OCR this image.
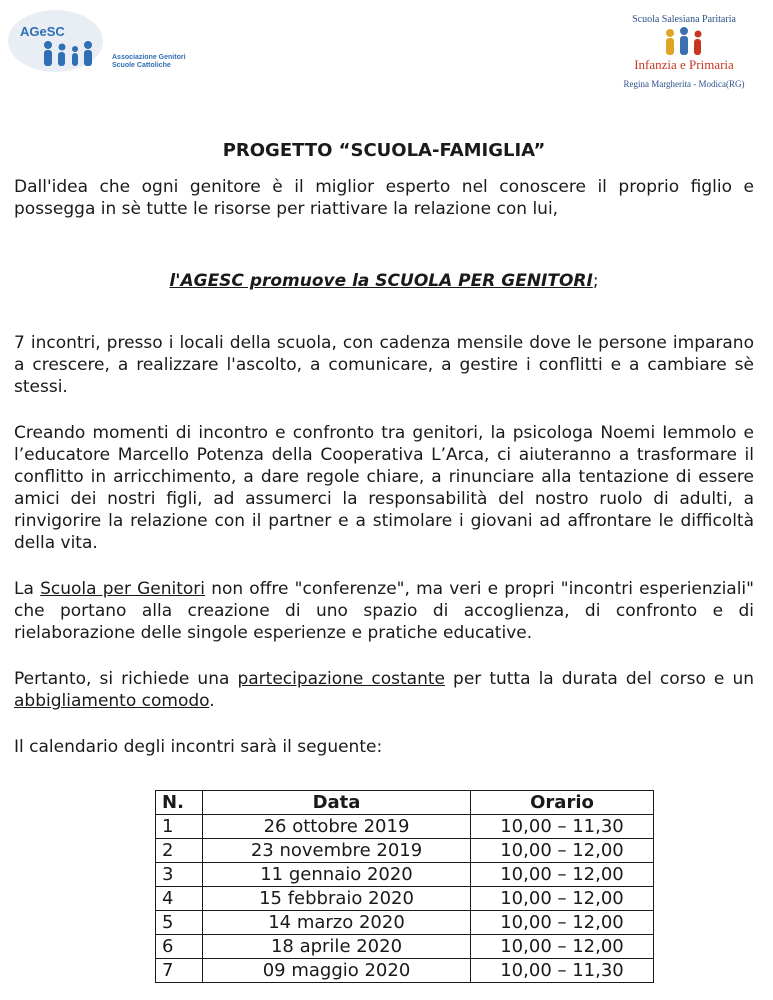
AGeSC
Associazione Genitori
Scuole Cattoliche
Scuola Salesiana Paritaria
Infanzia e Primaria
Regina Margherita - Modica(RG)
PROGETTO “SCUOLA-FAMIGLIA”

Dall'idea che ogni genitore è il miglior esperto nel conoscere il proprio figlio e possegga in sè tutte le risorse per riattivare la relazione con lui,

l'AGESC promuove la SCUOLA PER GENITORI;

7 incontri, presso i locali della scuola, con cadenza mensile dove le persone imparano a crescere, a realizzare l'ascolto, a comunicare, a gestire i conflitti e a cambiare sè stessi.

Creando momenti di incontro e confronto tra genitori, la psicologa Noemi Iemmolo e l’educatore Marcello Potenza della Cooperativa L’Arca, ci aiuteranno a trasformare il conflitto in arricchimento, a dare regole chiare, a rinunciare alla tentazione di essere amici dei nostri figli, ad assumerci la responsabilità del nostro ruolo di adulti, a rinvigorire la relazione con il partner e a stimolare i giovani ad affrontare le difficoltà della vita.

La Scuola per Genitori non offre "conferenze", ma veri e propri "incontri esperienziali" che portano alla creazione di uno spazio di accoglienza, di confronto e di rielaborazione delle singole esperienze e pratiche educative.

Pertanto, si richiede una partecipazione costante per tutta la durata del corso e un abbigliamento comodo.

Il calendario degli incontri sarà il seguente:

N.	Data	Orario
1	26 ottobre 2019	10,00 – 11,30
2	23 novembre 2019	10,00 – 12,00
3	11 gennaio 2020	10,00 – 12,00
4	15 febbraio 2020	10,00 – 12,00
5	14 marzo 2020	10,00 – 12,00
6	18 aprile 2020	10,00 – 12,00
7	09 maggio 2020	10,00 – 11,30
